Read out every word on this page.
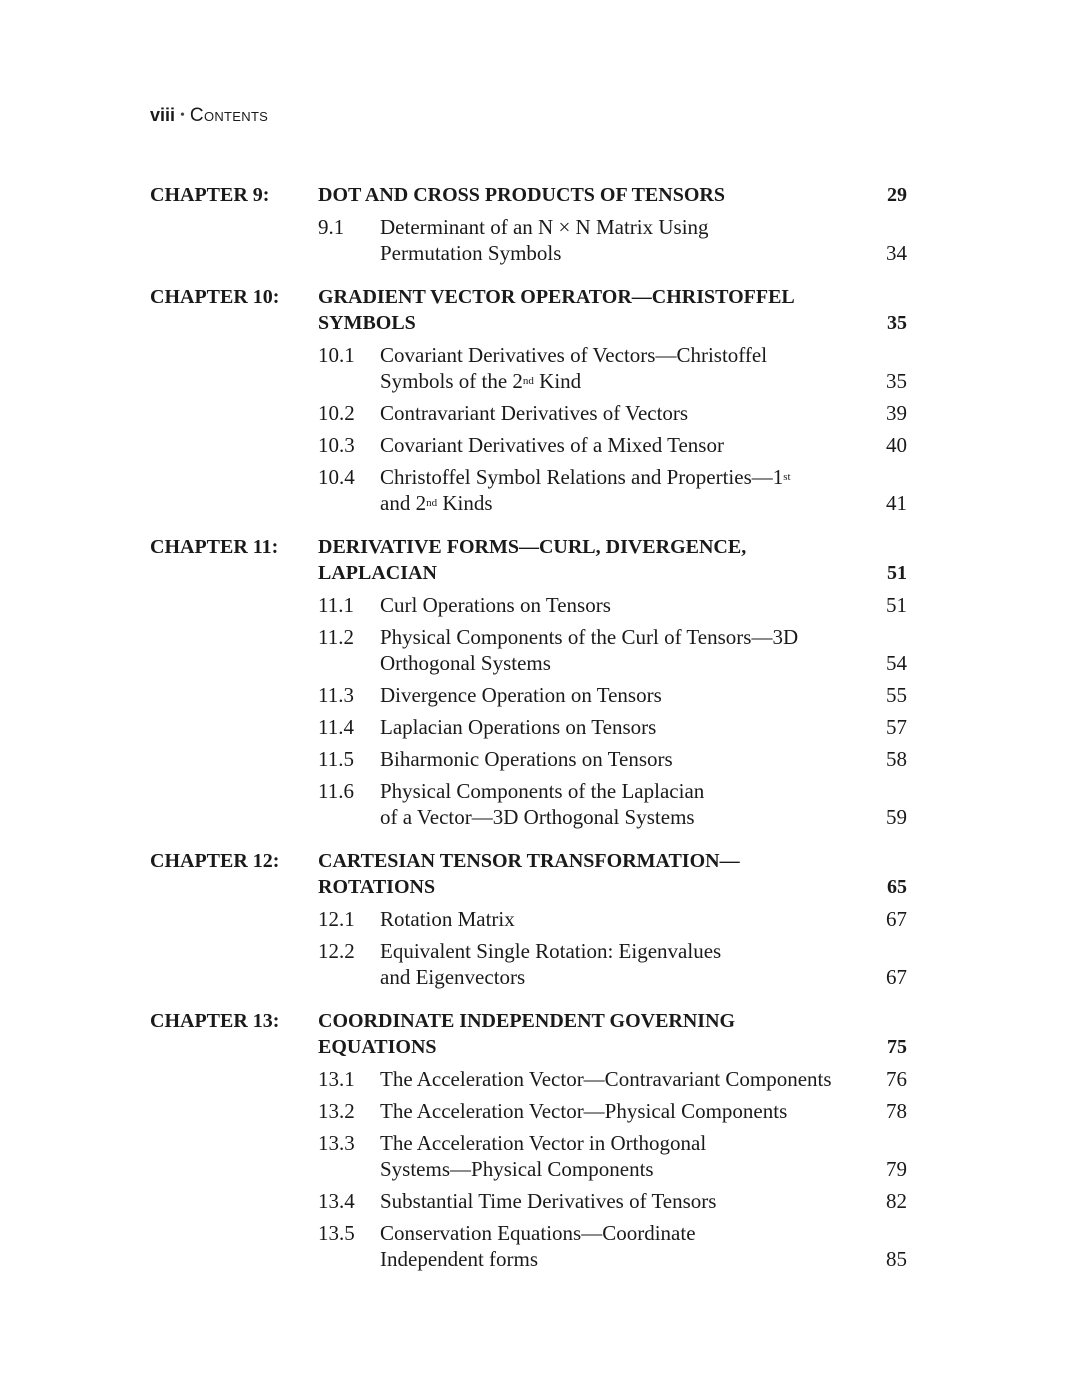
viii • Contents
CHAPTER 9: DOT AND CROSS PRODUCTS OF TENSORS	29
9.1 Determinant of an N × N Matrix Using
Permutation Symbols	34
CHAPTER 10: GRADIENT VECTOR OPERATOR—CHRISTOFFEL
SYMBOLS	35
10.1 Covariant Derivatives of Vectors—Christoffel
Symbols of the 2nd Kind	35
10.2 Contravariant Derivatives of Vectors	39
10.3 Covariant Derivatives of a Mixed Tensor	40
10.4 Christoffel Symbol Relations and Properties—1st
and 2nd Kinds	41
CHAPTER 11: DERIVATIVE FORMS—CURL, DIVERGENCE,
LAPLACIAN	51
11.1 Curl Operations on Tensors	51
11.2 Physical Components of the Curl of Tensors—3D
Orthogonal Systems	54
11.3 Divergence Operation on Tensors	55
11.4 Laplacian Operations on Tensors	57
11.5 Biharmonic Operations on Tensors	58
11.6 Physical Components of the Laplacian
of a Vector—3D Orthogonal Systems	59
CHAPTER 12: CARTESIAN TENSOR TRANSFORMATION—
ROTATIONS	65
12.1 Rotation Matrix	67
12.2 Equivalent Single Rotation: Eigenvalues
and Eigenvectors	67
CHAPTER 13: COORDINATE INDEPENDENT GOVERNING
EQUATIONS	75
13.1 The Acceleration Vector—Contravariant Components	76
13.2 The Acceleration Vector—Physical Components	78
13.3 The Acceleration Vector in Orthogonal
Systems—Physical Components	79
13.4 Substantial Time Derivatives of Tensors	82
13.5 Conservation Equations—Coordinate
Independent forms	85
